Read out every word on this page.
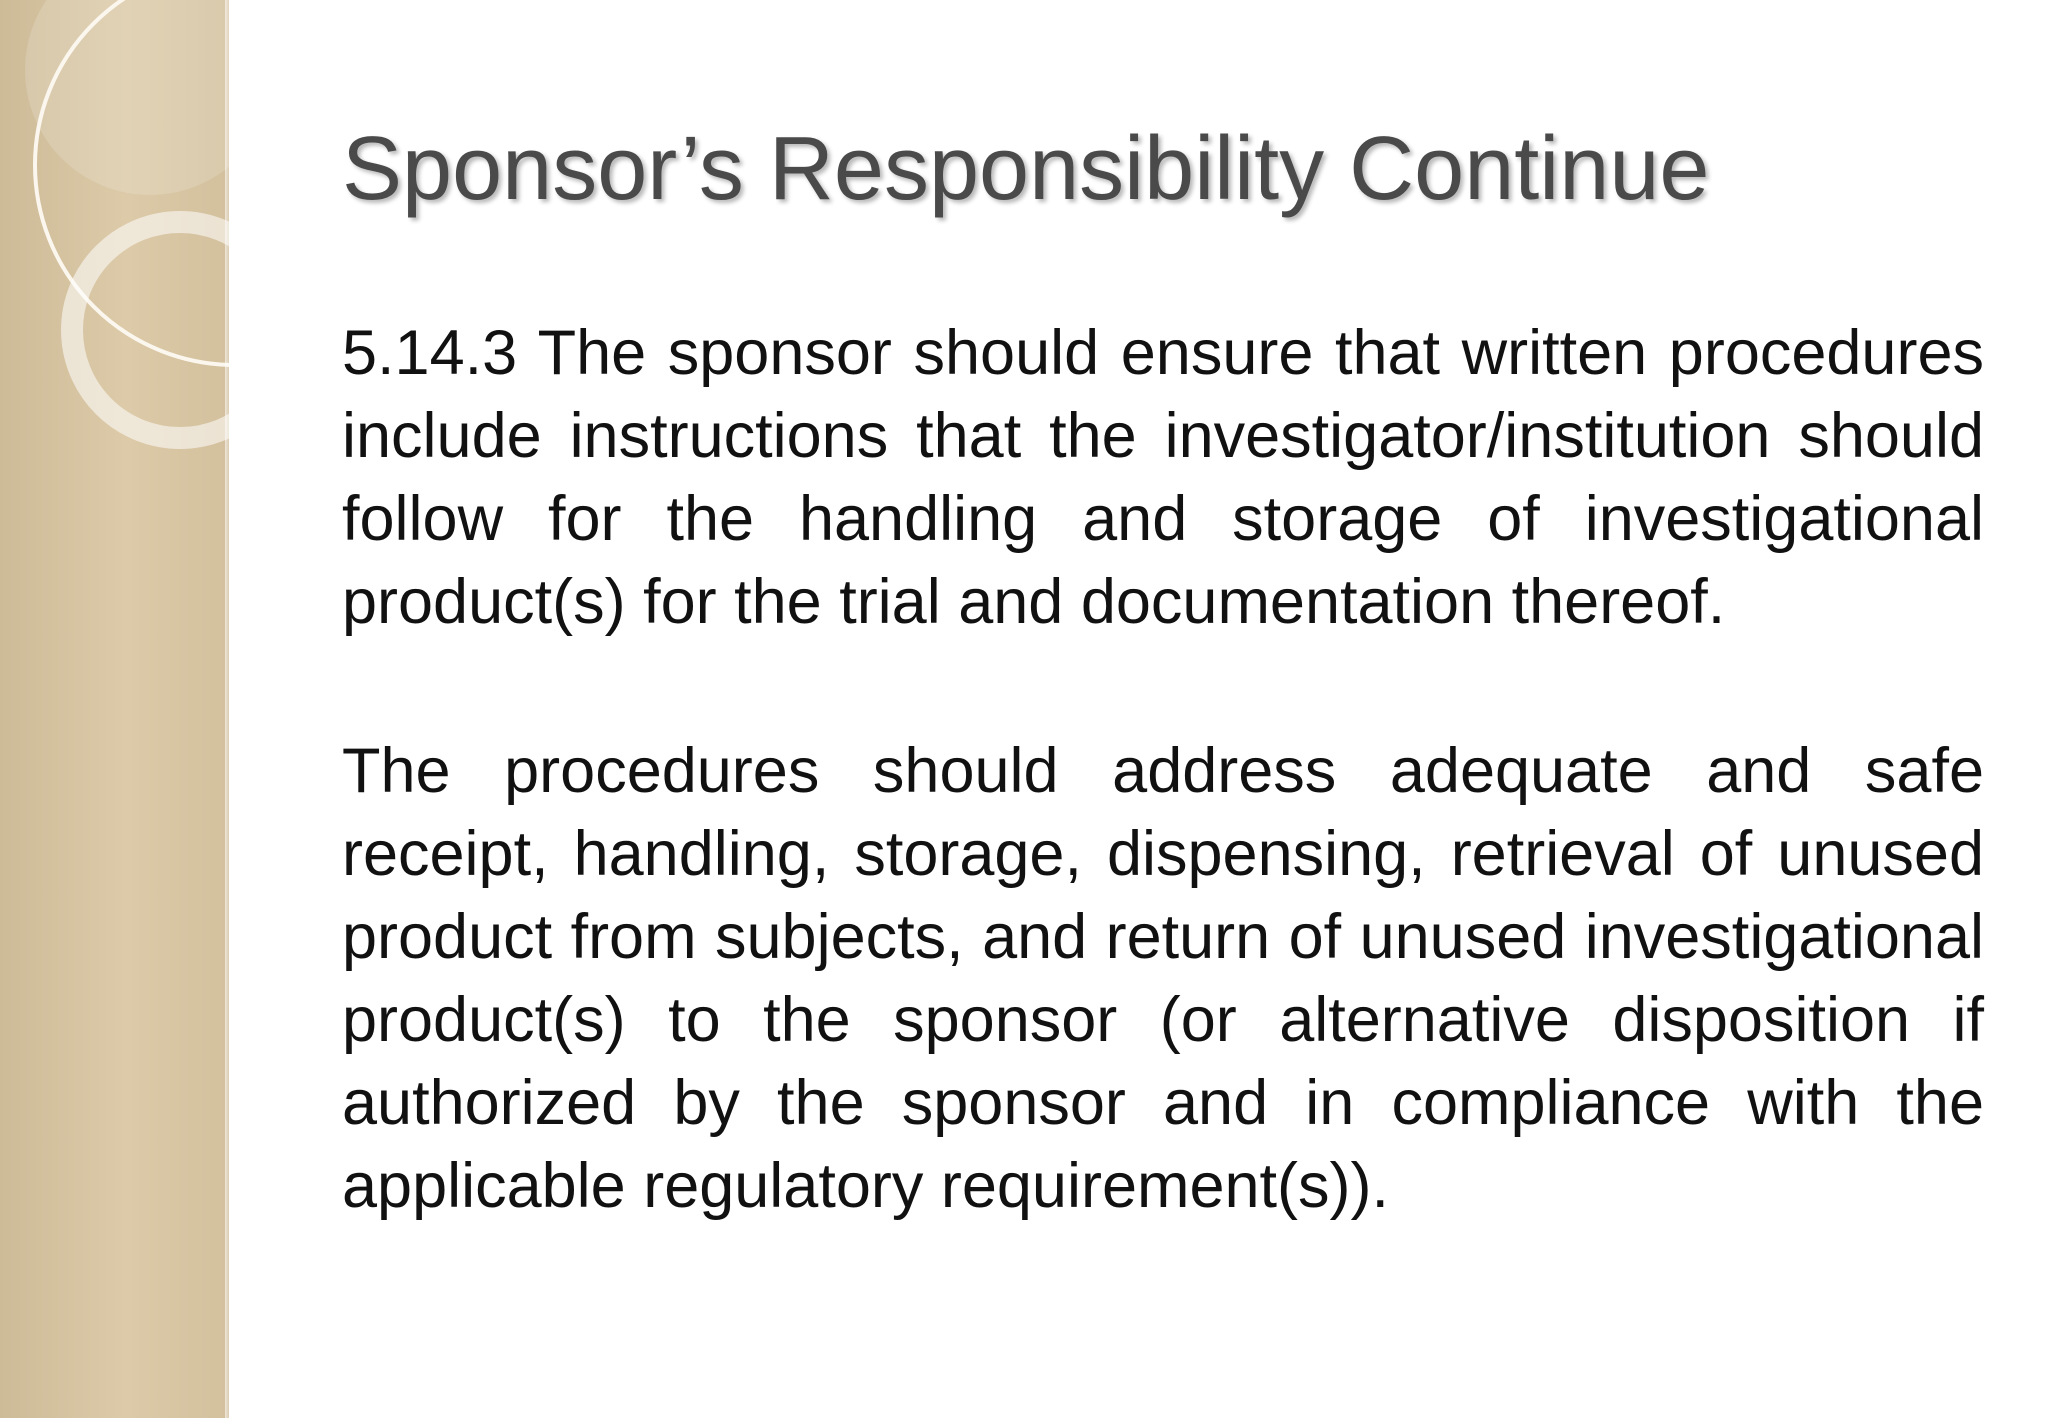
Sponsor’s Responsibility Continue

5.14.3 The sponsor should ensure that written procedures include instructions that the investigator/institution should follow for the handling and storage of investigational product(s) for the trial and documentation thereof.

The procedures should address adequate and safe receipt, handling, storage, dispensing, retrieval of unused product from subjects, and return of unused investigational product(s) to the sponsor (or alternative disposition if authorized by the sponsor and in compliance with the applicable regulatory requirement(s)).
